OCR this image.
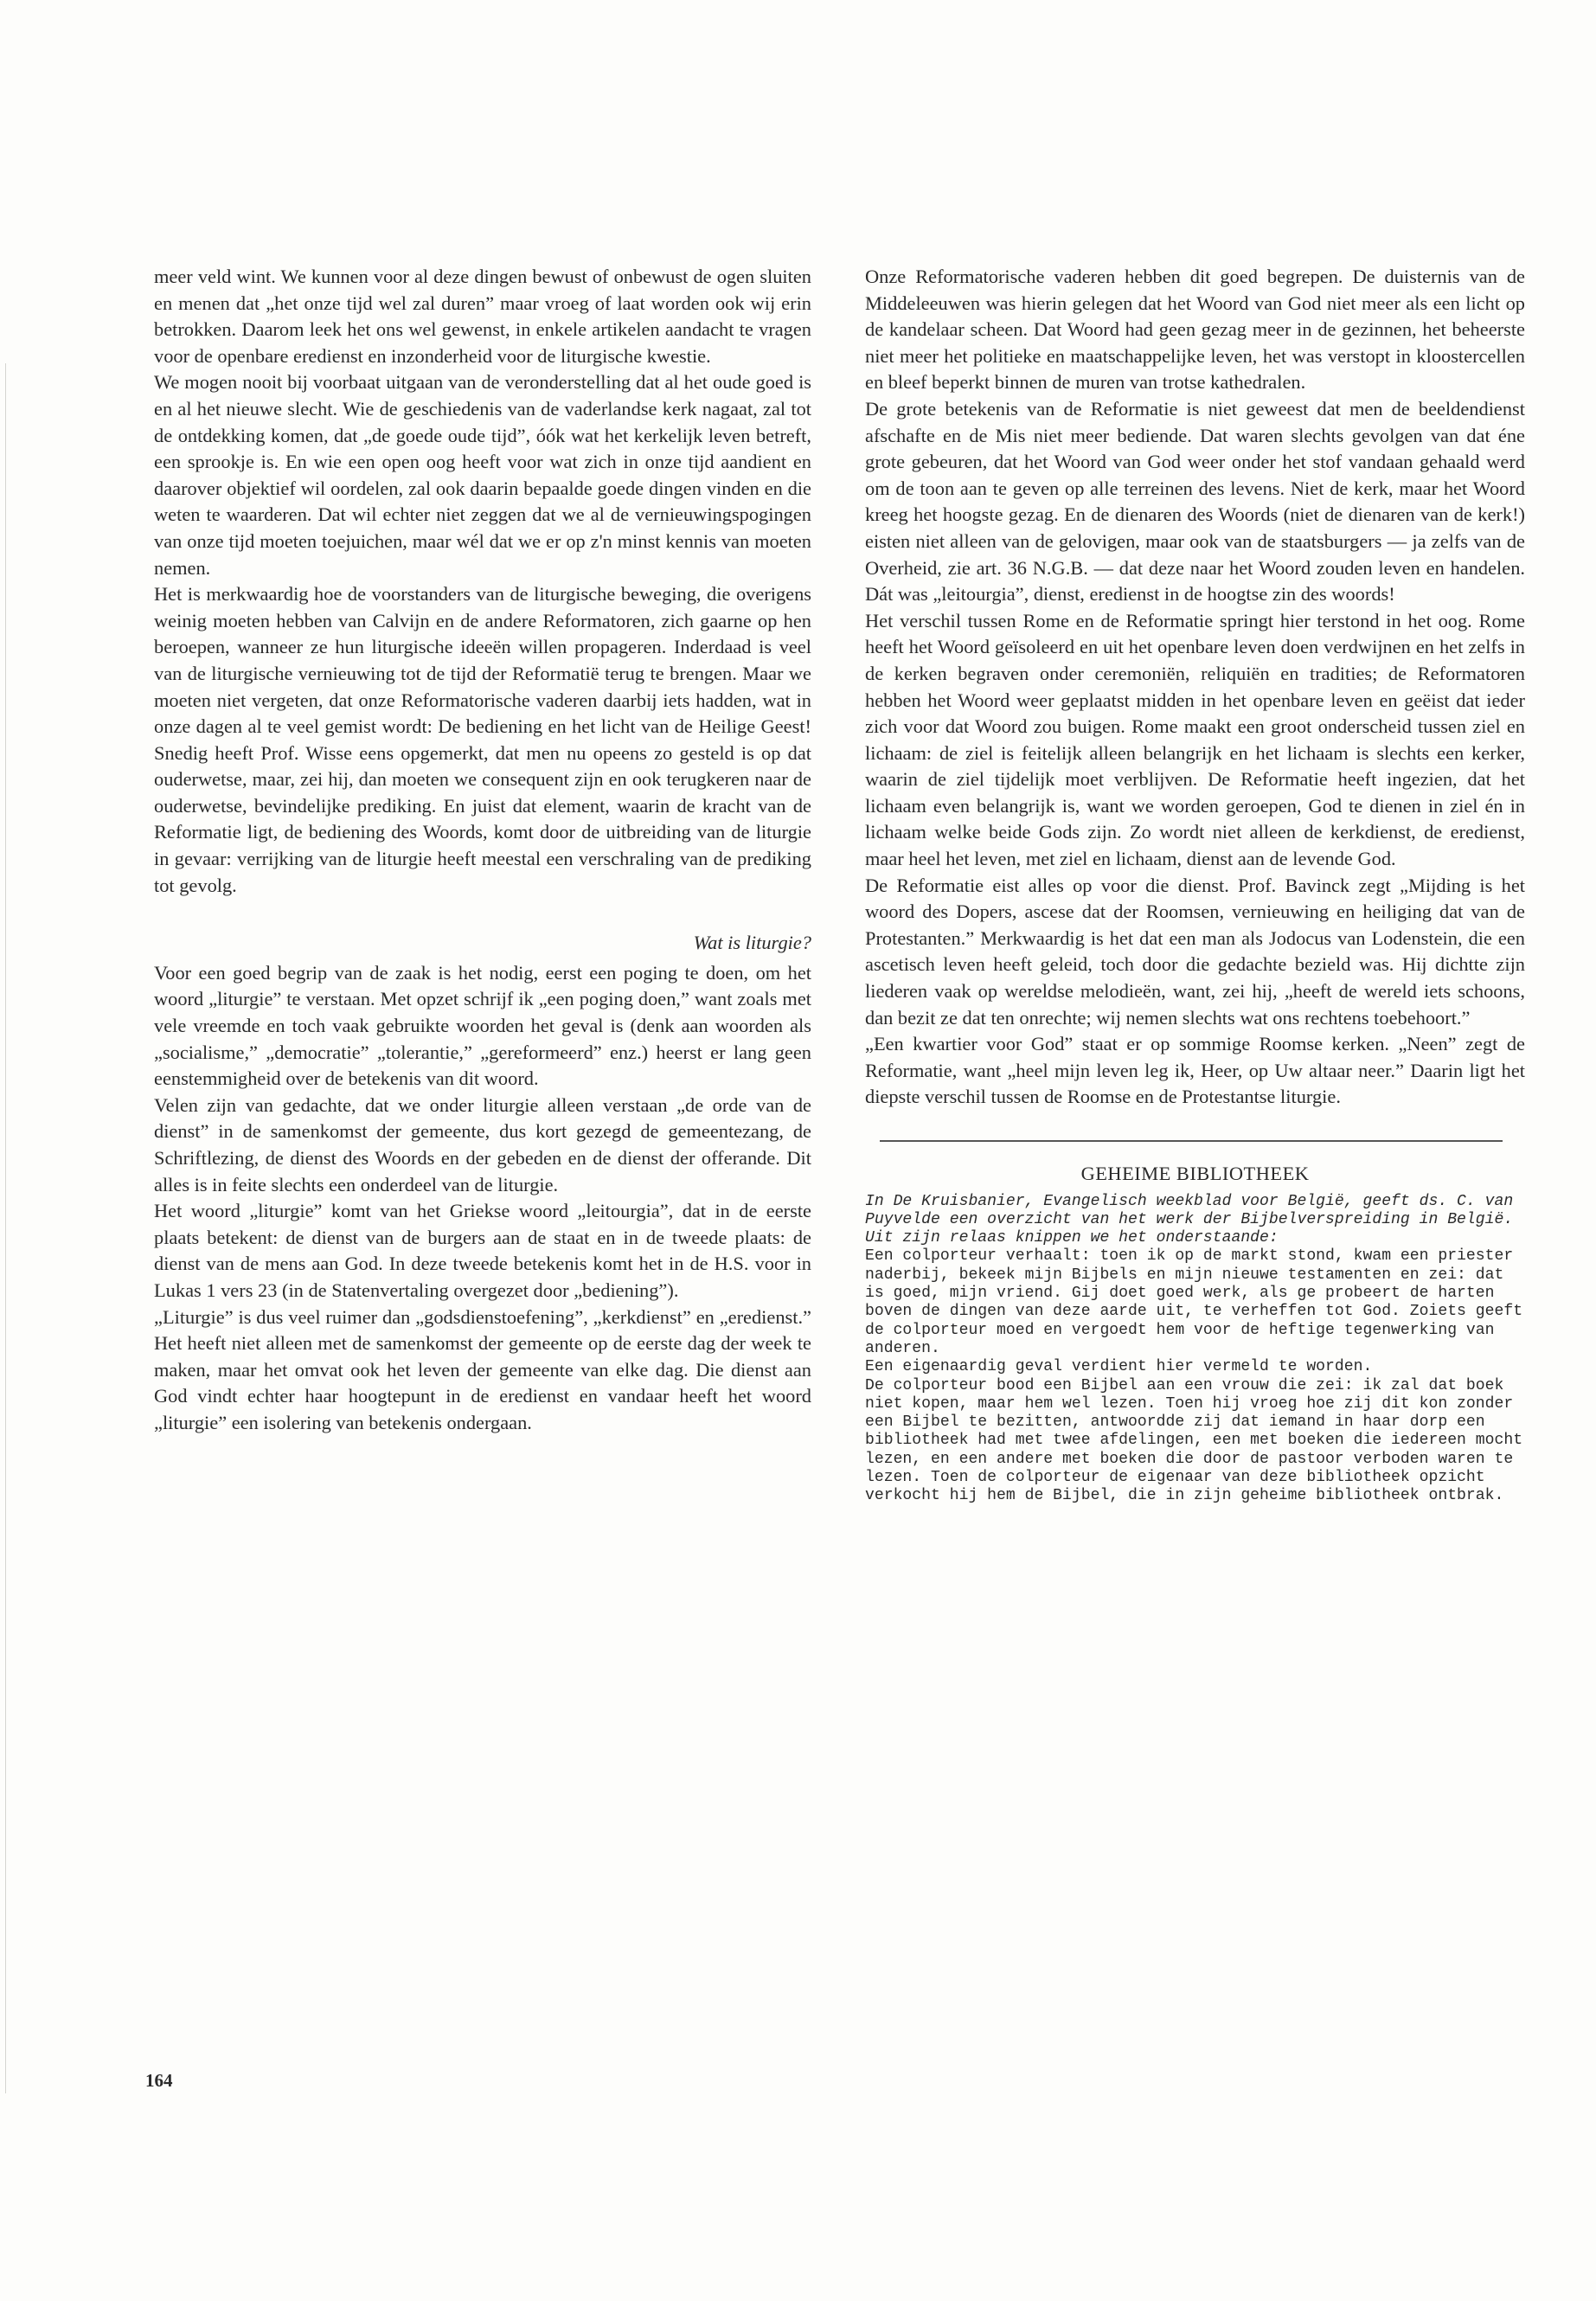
meer veld wint. We kunnen voor al deze dingen bewust of onbewust de ogen sluiten en menen dat „het onze tijd wel zal duren” maar vroeg of laat worden ook wij erin betrokken. Daarom leek het ons wel gewenst, in enkele artikelen aandacht te vragen voor de openbare eredienst en inzonderheid voor de liturgische kwestie.

We mogen nooit bij voorbaat uitgaan van de veronderstelling dat al het oude goed is en al het nieuwe slecht. Wie de geschiedenis van de vaderlandse kerk nagaat, zal tot de ontdekking komen, dat „de goede oude tijd”, óók wat het kerkelijk leven betreft, een sprookje is. En wie een open oog heeft voor wat zich in onze tijd aandient en daarover objektief wil oordelen, zal ook daarin bepaalde goede dingen vinden en die weten te waarderen. Dat wil echter niet zeggen dat we al de vernieuwingspogingen van onze tijd moeten toejuichen, maar wél dat we er op z'n minst kennis van moeten nemen.

Het is merkwaardig hoe de voorstanders van de liturgische beweging, die overigens weinig moeten hebben van Calvijn en de andere Reformatoren, zich gaarne op hen beroepen, wanneer ze hun liturgische ideeën willen propageren. Inderdaad is veel van de liturgische vernieuwing tot de tijd der Reformatië terug te brengen. Maar we moeten niet vergeten, dat onze Reformatorische vaderen daarbij iets hadden, wat in onze dagen al te veel gemist wordt: De bediening en het licht van de Heilige Geest! Snedig heeft Prof. Wisse eens opgemerkt, dat men nu opeens zo gesteld is op dat ouderwetse, maar, zei hij, dan moeten we consequent zijn en ook terugkeren naar de ouderwetse, bevindelijke prediking. En juist dat element, waarin de kracht van de Reformatie ligt, de bediening des Woords, komt door de uitbreiding van de liturgie in gevaar: verrijking van de liturgie heeft meestal een verschraling van de prediking tot gevolg.

Wat is liturgie?

Voor een goed begrip van de zaak is het nodig, eerst een poging te doen, om het woord „liturgie” te verstaan. Met opzet schrijf ik „een poging doen,” want zoals met vele vreemde en toch vaak gebruikte woorden het geval is (denk aan woorden als „socialisme,” „democratie” „tolerantie,” „gereformeerd” enz.) heerst er lang geen eenstemmigheid over de betekenis van dit woord.

Velen zijn van gedachte, dat we onder liturgie alleen verstaan „de orde van de dienst” in de samenkomst der gemeente, dus kort gezegd de gemeentezang, de Schriftlezing, de dienst des Woords en der gebeden en de dienst der offerande. Dit alles is in feite slechts een onderdeel van de liturgie.

Het woord „liturgie” komt van het Griekse woord „leitourgia”, dat in de eerste plaats betekent: de dienst van de burgers aan de staat en in de tweede plaats: de dienst van de mens aan God. In deze tweede betekenis komt het in de H.S. voor in Lukas 1 vers 23 (in de Statenvertaling overgezet door „bediening”).

„Liturgie” is dus veel ruimer dan „godsdienstoefening”, „kerkdienst” en „eredienst.” Het heeft niet alleen met de samenkomst der gemeente op de eerste dag der week te maken, maar het omvat ook het leven der gemeente van elke dag. Die dienst aan God vindt echter haar hoogtepunt in de eredienst en vandaar heeft het woord „liturgie” een isolering van betekenis ondergaan.

Onze Reformatorische vaderen hebben dit goed begrepen. De duisternis van de Middeleeuwen was hierin gelegen dat het Woord van God niet meer als een licht op de kandelaar scheen. Dat Woord had geen gezag meer in de gezinnen, het beheerste niet meer het politieke en maatschappelijke leven, het was verstopt in kloostercellen en bleef beperkt binnen de muren van trotse kathedralen.

De grote betekenis van de Reformatie is niet geweest dat men de beeldendienst afschafte en de Mis niet meer bediende. Dat waren slechts gevolgen van dat éne grote gebeuren, dat het Woord van God weer onder het stof vandaan gehaald werd om de toon aan te geven op alle terreinen des levens. Niet de kerk, maar het Woord kreeg het hoogste gezag. En de dienaren des Woords (niet de dienaren van de kerk!) eisten niet alleen van de gelovigen, maar ook van de staatsburgers — ja zelfs van de Overheid, zie art. 36 N.G.B. — dat deze naar het Woord zouden leven en handelen. Dát was „leitourgia”, dienst, eredienst in de hoogtse zin des woords!

Het verschil tussen Rome en de Reformatie springt hier terstond in het oog. Rome heeft het Woord geïsoleerd en uit het openbare leven doen verdwijnen en het zelfs in de kerken begraven onder ceremoniën, reliquiën en tradities; de Reformatoren hebben het Woord weer geplaatst midden in het openbare leven en geëist dat ieder zich voor dat Woord zou buigen. Rome maakt een groot onderscheid tussen ziel en lichaam: de ziel is feitelijk alleen belangrijk en het lichaam is slechts een kerker, waarin de ziel tijdelijk moet verblijven. De Reformatie heeft ingezien, dat het lichaam even belangrijk is, want we worden geroepen, God te dienen in ziel én in lichaam welke beide Gods zijn. Zo wordt niet alleen de kerkdienst, de eredienst, maar heel het leven, met ziel en lichaam, dienst aan de levende God.

De Reformatie eist alles op voor die dienst. Prof. Bavinck zegt „Mijding is het woord des Dopers, ascese dat der Roomsen, vernieuwing en heiliging dat van de Protestanten.” Merkwaardig is het dat een man als Jodocus van Lodenstein, die een ascetisch leven heeft geleid, toch door die gedachte bezield was. Hij dichtte zijn liederen vaak op wereldse melodieën, want, zei hij, „heeft de wereld iets schoons, dan bezit ze dat ten onrechte; wij nemen slechts wat ons rechtens toebehoort.”

„Een kwartier voor God” staat er op sommige Roomse kerken. „Neen” zegt de Reformatie, want „heel mijn leven leg ik, Heer, op Uw altaar neer.” Daarin ligt het diepste verschil tussen de Roomse en de Protestantse liturgie.

GEHEIME BIBLIOTHEEK

In De Kruisbanier, Evangelisch weekblad voor België, geeft ds. C. van Puyvelde een overzicht van het werk der Bijbelverspreiding in België. Uit zijn relaas knippen we het onderstaande:

Een colporteur verhaalt: toen ik op de markt stond, kwam een priester naderbij, bekeek mijn Bijbels en mijn nieuwe testamenten en zei: dat is goed, mijn vriend. Gij doet goed werk, als ge probeert de harten boven de dingen van deze aarde uit, te verheffen tot God. Zoiets geeft de colporteur moed en vergoedt hem voor de heftige tegenwerking van anderen.

Een eigenaardig geval verdient hier vermeld te worden.

De colporteur bood een Bijbel aan een vrouw die zei: ik zal dat boek niet kopen, maar hem wel lezen. Toen hij vroeg hoe zij dit kon zonder een Bijbel te bezitten, antwoordde zij dat iemand in haar dorp een bibliotheek had met twee afdelingen, een met boeken die iedereen mocht lezen, en een andere met boeken die door de pastoor verboden waren te lezen. Toen de colporteur de eigenaar van deze bibliotheek opzicht verkocht hij hem de Bijbel, die in zijn geheime bibliotheek ontbrak.

164
